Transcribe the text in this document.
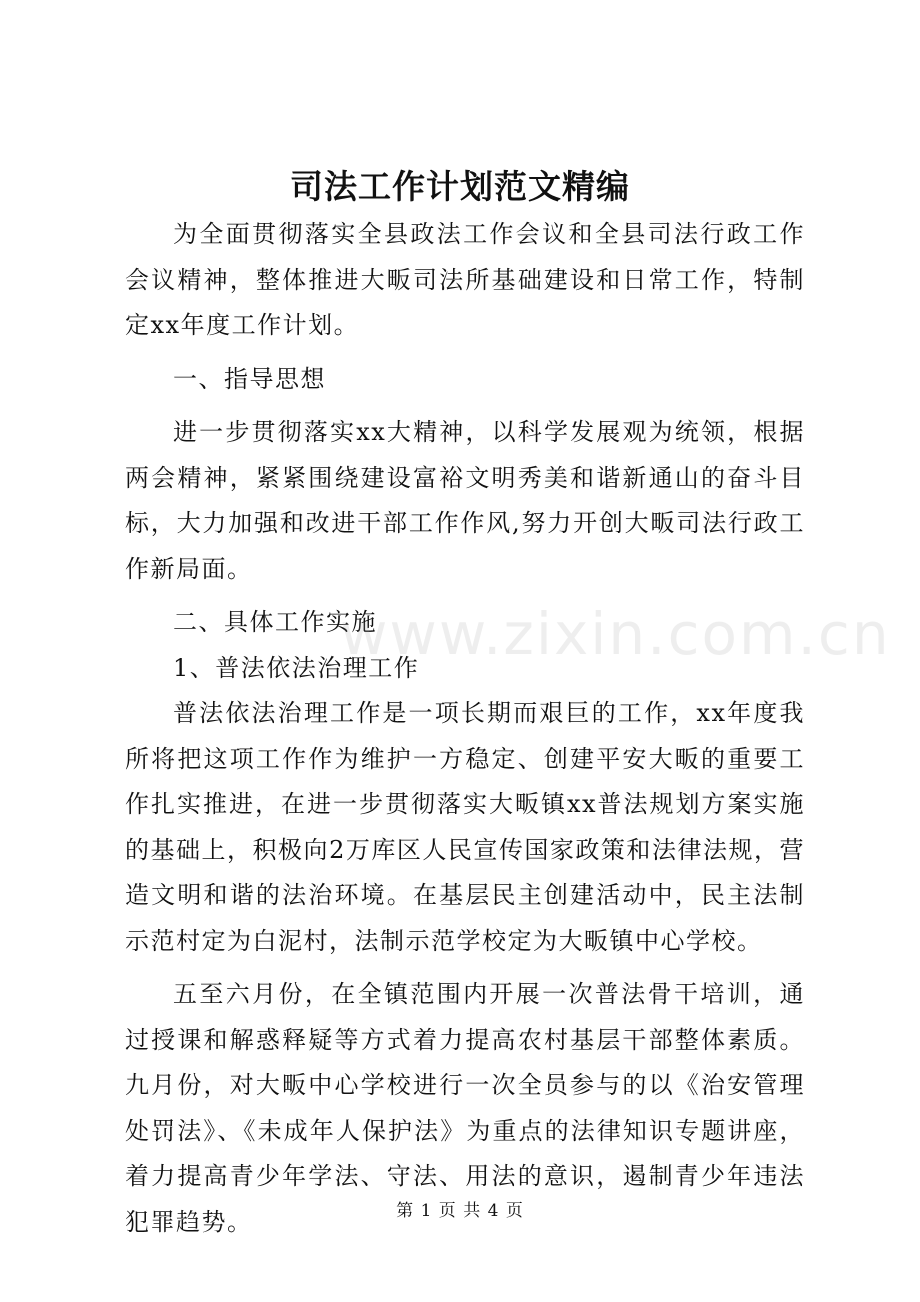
司法工作计划范文精编

为全面贯彻落实全县政法工作会议和全县司法行政工作会议精神，整体推进大畈司法所基础建设和日常工作，特制定xx年度工作计划。

一、指导思想

进一步贯彻落实xx大精神，以科学发展观为统领，根据两会精神，紧紧围绕建设富裕文明秀美和谐新通山的奋斗目标，大力加强和改进干部工作作风,努力开创大畈司法行政工作新局面。

二、具体工作实施

1、普法依法治理工作

普法依法治理工作是一项长期而艰巨的工作，xx年度我所将把这项工作作为维护一方稳定、创建平安大畈的重要工作扎实推进，在进一步贯彻落实大畈镇xx普法规划方案实施的基础上，积极向2万库区人民宣传国家政策和法律法规，营造文明和谐的法治环境。在基层民主创建活动中，民主法制示范村定为白泥村，法制示范学校定为大畈镇中心学校。

五至六月份，在全镇范围内开展一次普法骨干培训，通过授课和解惑释疑等方式着力提高农村基层干部整体素质。九月份，对大畈中心学校进行一次全员参与的以《治安管理处罚法》、《未成年人保护法》为重点的法律知识专题讲座，着力提高青少年学法、守法、用法的意识，遏制青少年违法犯罪趋势。

www.zixin.com.cn
第 1 页 共 4 页
